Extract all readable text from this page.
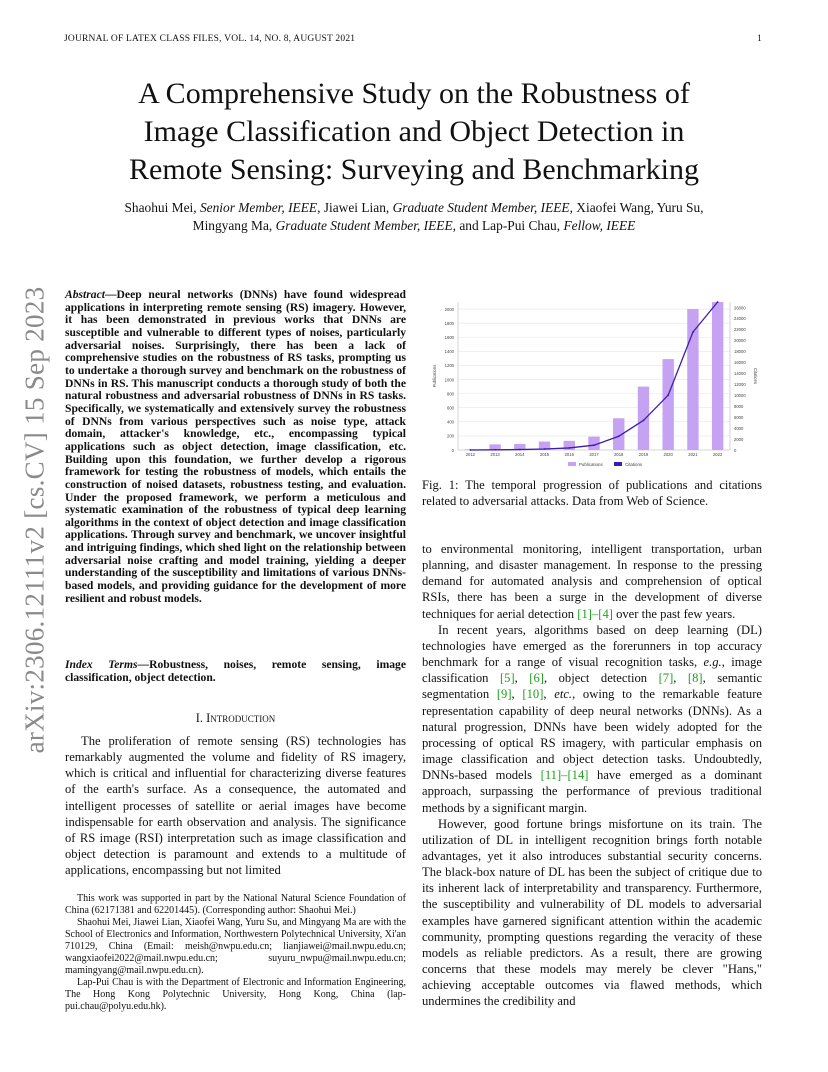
JOURNAL OF LATEX CLASS FILES, VOL. 14, NO. 8, AUGUST 2021	1
arXiv:2306.12111v2 [cs.CV] 15 Sep 2023
A Comprehensive Study on the Robustness of
Image Classification and Object Detection in
Remote Sensing: Surveying and Benchmarking
Shaohui Mei, Senior Member, IEEE, Jiawei Lian, Graduate Student Member, IEEE, Xiaofei Wang, Yuru Su,
Mingyang Ma, Graduate Student Member, IEEE, and Lap-Pui Chau, Fellow, IEEE
Abstract—Deep neural networks (DNNs) have found widespread applications in interpreting remote sensing (RS) imagery. However, it has been demonstrated in previous works that DNNs are susceptible and vulnerable to different types of noises, particularly adversarial noises. Surprisingly, there has been a lack of comprehensive studies on the robustness of RS tasks, prompting us to undertake a thorough survey and benchmark on the robustness of DNNs in RS. This manuscript conducts a thorough study of both the natural robustness and adversarial robustness of DNNs in RS tasks. Specifically, we systematically and extensively survey the robustness of DNNs from various perspectives such as noise type, attack domain, attacker's knowledge, etc., encompassing typical applications such as object detection, image classification, etc. Building upon this foundation, we further develop a rigorous framework for testing the robustness of models, which entails the construction of noised datasets, robustness testing, and evaluation. Under the proposed framework, we perform a meticulous and systematic examination of the robustness of typical deep learning algorithms in the context of object detection and image classification applications. Through survey and benchmark, we uncover insightful and intriguing findings, which shed light on the relationship between adversarial noise crafting and model training, yielding a deeper understanding of the susceptibility and limitations of various DNNs-based models, and providing guidance for the development of more resilient and robust models.
Index Terms—Robustness, noises, remote sensing, image classification, object detection.
I. Introduction
The proliferation of remote sensing (RS) technologies has remarkably augmented the volume and fidelity of RS imagery, which is critical and influential for characterizing diverse features of the earth's surface. As a consequence, the automated and intelligent processes of satellite or aerial images have become indispensable for earth observation and analysis. The significance of RS image (RSI) interpretation such as image classification and object detection is paramount and extends to a multitude of applications, encompassing but not limited
This work was supported in part by the National Natural Science Foundation of China (62171381 and 62201445). (Corresponding author: Shaohui Mei.)
Shaohui Mei, Jiawei Lian, Xiaofei Wang, Yuru Su, and Mingyang Ma are with the School of Electronics and Information, Northwestern Polytechnical University, Xi'an 710129, China (Email: meish@nwpu.edu.cn; lianjiawei@mail.nwpu.edu.cn; wangxiaofei2022@mail.nwpu.edu.cn; suyuru_nwpu@mail.nwpu.edu.cn; mamingyang@mail.nwpu.edu.cn).
Lap-Pui Chau is with the Department of Electronic and Information Engineering, The Hong Kong Polytechnic University, Hong Kong, China (lap-pui.chau@polyu.edu.hk).
0
200
400
600
800
1000
1200
1400
1600
1800
2000
0
2000
4000
6000
8000
10000
12000
14000
16000
18000
20000
22000
24000
26000
Publications	Citations
2012	2013	2014	2015	2016	2017	2018	2019	2020	2021	2022
Publications	Citations
Fig. 1: The temporal progression of publications and citations related to adversarial attacks. Data from Web of Science.
to environmental monitoring, intelligent transportation, urban planning, and disaster management. In response to the pressing demand for automated analysis and comprehension of optical RSIs, there has been a surge in the development of diverse techniques for aerial detection [1]–[4] over the past few years.
In recent years, algorithms based on deep learning (DL) technologies have emerged as the forerunners in top accuracy benchmark for a range of visual recognition tasks, e.g., image classification [5], [6], object detection [7], [8], semantic segmentation [9], [10], etc., owing to the remarkable feature representation capability of deep neural networks (DNNs). As a natural progression, DNNs have been widely adopted for the processing of optical RS imagery, with particular emphasis on image classification and object detection tasks. Undoubtedly, DNNs-based models [11]–[14] have emerged as a dominant approach, surpassing the performance of previous traditional methods by a significant margin.
However, good fortune brings misfortune on its train. The utilization of DL in intelligent recognition brings forth notable advantages, yet it also introduces substantial security concerns. The black-box nature of DL has been the subject of critique due to its inherent lack of interpretability and transparency. Furthermore, the susceptibility and vulnerability of DL models to adversarial examples have garnered significant attention within the academic community, prompting questions regarding the veracity of these models as reliable predictors. As a result, there are growing concerns that these models may merely be clever "Hans," achieving acceptable outcomes via flawed methods, which undermines the credibility and
